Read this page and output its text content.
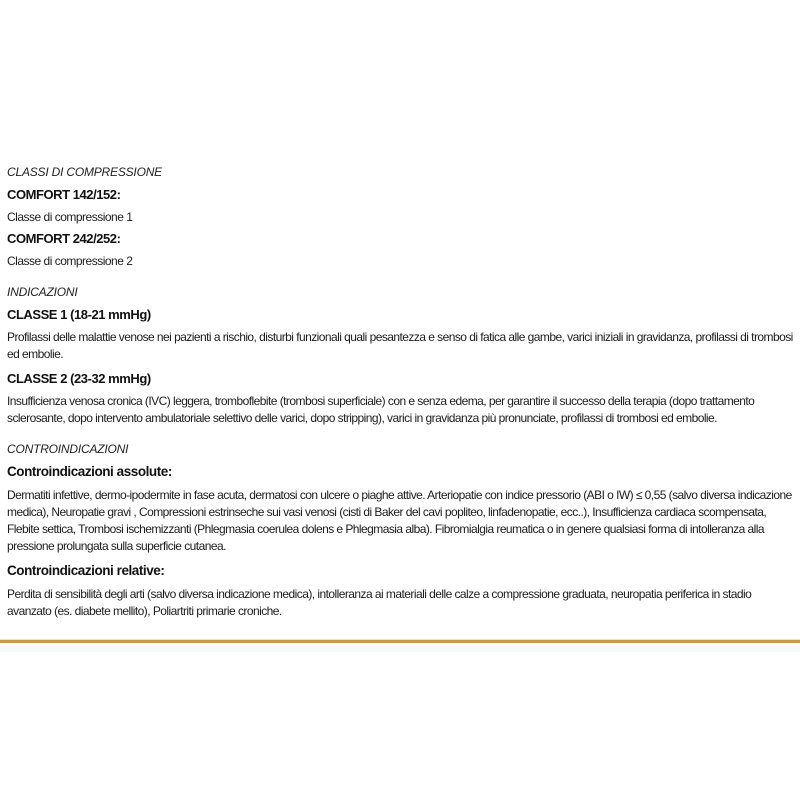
CLASSI DI COMPRESSIONE
COMFORT 142/152:
Classe di compressione 1
COMFORT 242/252:
Classe di compressione 2
INDICAZIONI
CLASSE 1 (18-21 mmHg)
Profilassi delle malattie venose nei pazienti a rischio, disturbi funzionali quali pesantezza e senso di fatica alle gambe, varici iniziali in gravidanza, profilassi di trombosi ed embolie.
CLASSE 2 (23-32 mmHg)
Insufficienza venosa cronica (IVC) leggera, tromboflebite (trombosi superficiale) con e senza edema, per garantire il successo della terapia (dopo trattamento sclerosante, dopo intervento ambulatoriale selettivo delle varici, dopo stripping), varici in gravidanza più pronunciate, profilassi di trombosi ed embolie.
CONTROINDICAZIONI
Controindicazioni assolute:
Dermatiti infettive, dermo-ipodermite in fase acuta, dermatosi con ulcere o piaghe attive. Arteriopatie con indice pressorio (ABI o IW) ≤ 0,55 (salvo diversa indicazione medica), Neuropatie gravi , Compressioni estrinseche sui vasi venosi (cisti di Baker del cavi popliteo, linfadenopatie, ecc..), Insufficienza cardiaca scompensata, Flebite settica, Trombosi ischemizzanti (Phlegmasia coerulea dolens e Phlegmasia alba). Fibromialgia reumatica o in genere qualsiasi forma di intolleranza alla pressione prolungata sulla superficie cutanea.
Controindicazioni relative:
Perdita di sensibilità degli arti (salvo diversa indicazione medica), intolleranza ai materiali delle calze a compressione graduata, neuropatia periferica in stadio avanzato (es. diabete mellito), Poliartriti primarie croniche.
